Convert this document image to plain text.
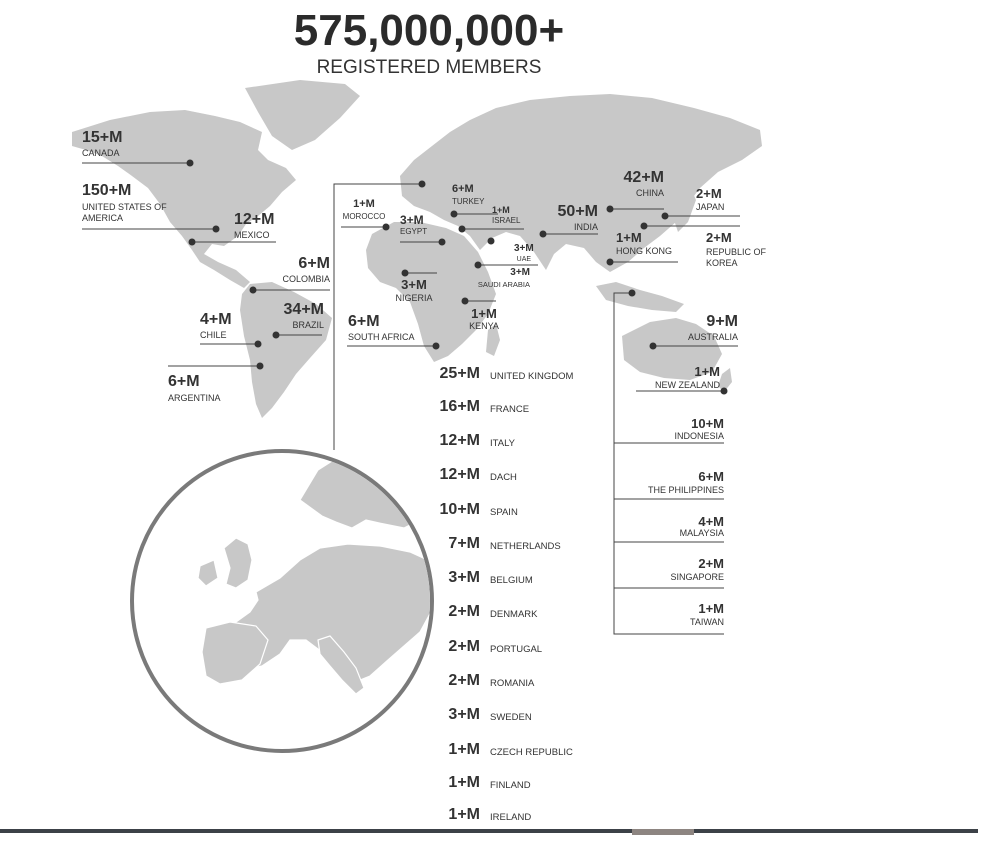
575,000,000+
REGISTERED MEMBERS
15+M
CANADA
150+M
UNITED STATES OF AMERICA	12+M
MEXICO
6+M
COLOMBIA
34+M
BRAZIL
4+M
CHILE
6+M
ARGENTINA
1+M
MOROCCO 3+M
EGYPT
6+M
TURKEY
1+M
ISRAEL
3+M
UAE
3+M
SAUDI ARABIA
3+M
NIGERIA
1+M
KENYA
6+M
SOUTH AFRICA
50+M
INDIA
42+M
CHINA 2+M
JAPAN
1+M
HONG KONG
2+M
REPUBLIC OF KOREA
9+M
AUSTRALIA
1+M
NEW ZEALAND
10+M
INDONESIA
6+M
THE PHILIPPINES
4+M
MALAYSIA
2+M
SINGAPORE
1+M
TAIWAN
25+M UNITED KINGDOM
16+M FRANCE
12+M ITALY
12+M DACH
10+M SPAIN
7+M NETHERLANDS
3+M BELGIUM
2+M DENMARK
2+M PORTUGAL
2+M ROMANIA
3+M SWEDEN
1+M CZECH REPUBLIC
1+M FINLAND
1+M IRELAND
